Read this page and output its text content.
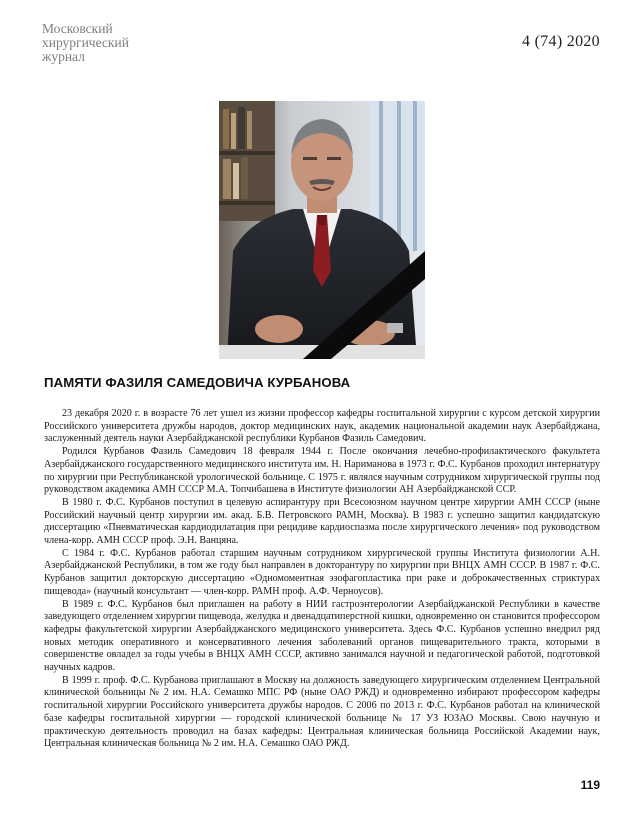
Московский
хирургический
журнал
4 (74) 2020
ПАМЯТИ ФАЗИЛЯ САМЕДОВИЧА КУРБАНОВА

23 декабря 2020 г. в возрасте 76 лет ушел из жизни профессор кафедры госпитальной хирургии с курсом детской хирургии Российского университета дружбы народов, доктор медицинских наук, академик национальной академии наук Азербайджана, заслуженный деятель науки Азербайджанской республики Курбанов Фазиль Самедович.

Родился Курбанов Фазиль Самедович 18 февраля 1944 г. После окончания лечебно-профилактического факультета Азербайджанского государственного медицинского института им. Н. Нариманова в 1973 г. Ф.С. Курбанов проходил интернатуру по хирургии при Республиканской урологической больнице. С 1975 г. являлся научным сотрудником хирургической группы под руководством академика АМН СССР М.А. Топчибашева в Институте физиологии АН Азербайджанской ССР.

В 1980 г. Ф.С. Курбанов поступил в целевую аспирантуру при Всесоюзном научном центре хирургии АМН СССР (ныне Российский научный центр хирургии им. акад. Б.В. Петровского РАМН, Москва). В 1983 г. успешно защитил кандидатскую диссертацию «Пневматическая кардиодилатация при рецидиве кардиоспазма после хирургического лечения» под руководством члена-корр. АМН СССР проф. Э.Н. Ванцяна.

С 1984 г. Ф.С. Курбанов работал старшим научным сотрудником хирургической группы Института физиологии А.Н. Азербайджанской Республики, в том же году был направлен в докторантуру по хирургии при ВНЦХ АМН СССР. В 1987 г. Ф.С. Курбанов защитил докторскую диссертацию «Одномоментная эзофагопластика при раке и доброкачественных стриктурах пищевода» (научный консультант — член-корр. РАМН проф. А.Ф. Черноусов).

В 1989 г. Ф.С. Курбанов был приглашен на работу в НИИ гастроэнтерологии Азербайджанской Республики в качестве заведующего отделением хирургии пищевода, желудка и двенадцатиперстной кишки, одновременно он становится профессором кафедры факультетской хирургии Азербайджанского медицинского университета. Здесь Ф.С. Курбанов успешно внедрил ряд новых методик оперативного и консервативного лечения заболеваний органов пищеварительного тракта, которыми в совершенстве овладел за годы учебы в ВНЦХ АМН СССР, активно занимался научной и педагогической работой, подготовкой научных кадров.

В 1999 г. проф. Ф.С. Курбанова приглашают в Москву на должность заведующего хирургическим отделением Центральной клинической больницы № 2 им. Н.А. Семашко МПС РФ (ныне ОАО РЖД) и одновременно избирают профессором кафедры госпитальной хирургии Российского университета дружбы народов. С 2006 по 2013 г. Ф.С. Курбанов работал на клинической базе кафедры госпитальной хирургии — городской клинической больнице № 17 УЗ ЮЗАО Москвы. Свою научную и практическую деятельность проводил на базах кафедры: Центральная клиническая больница Российской Академии наук, Центральная клиническая больница № 2 им. Н.А. Семашко ОАО РЖД.

119
